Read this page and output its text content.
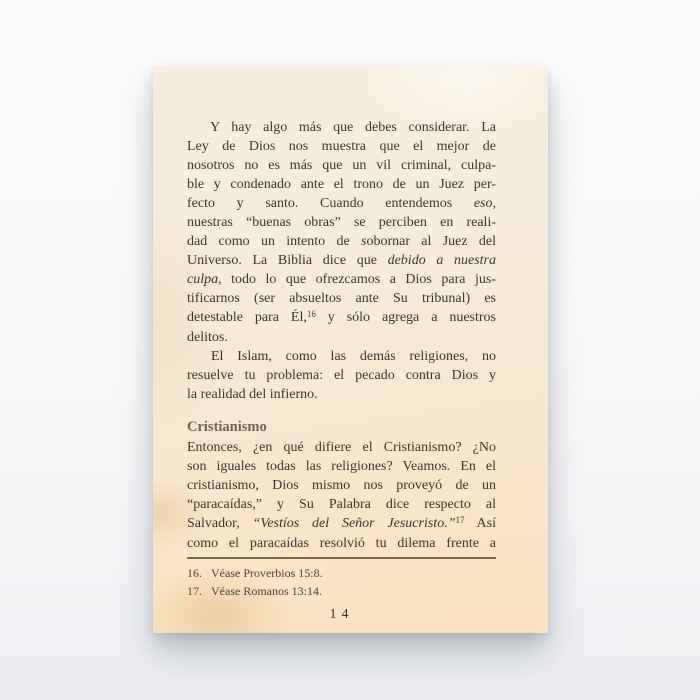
Y hay algo más que debes considerar. La
Ley de Dios nos muestra que el mejor de
nosotros no es más que un vil criminal, culpa-
ble y condenado ante el trono de un Juez per-
fecto y santo. Cuando entendemos eso,
nuestras “buenas obras” se perciben en reali-
dad como un intento de sobornar al Juez del
Universo. La Biblia dice que debido a nuestra
culpa, todo lo que ofrezcamos a Dios para jus-
tificarnos (ser absueltos ante Su tribunal) es
detestable para Él,$^{16}$ y sólo agrega a nuestros
delitos.
El Islam, como las demás religiones, no
resuelve tu problema: el pecado contra Dios y
la realidad del infierno.
Cristianismo
Entonces, ¿en qué difiere el Cristianismo? ¿No
son iguales todas las religiones? Veamos. En el
cristianismo, Dios mismo nos proveyó de un
“paracaídas,” y Su Palabra dice respecto al
Salvador, “Vestíos del Señor Jesucristo.”$^{17}$ Así
como el paracaídas resolvió tu dilema frente a
16. Véase Proverbios 15:8.
17. Véase Romanos 13:14.
14
